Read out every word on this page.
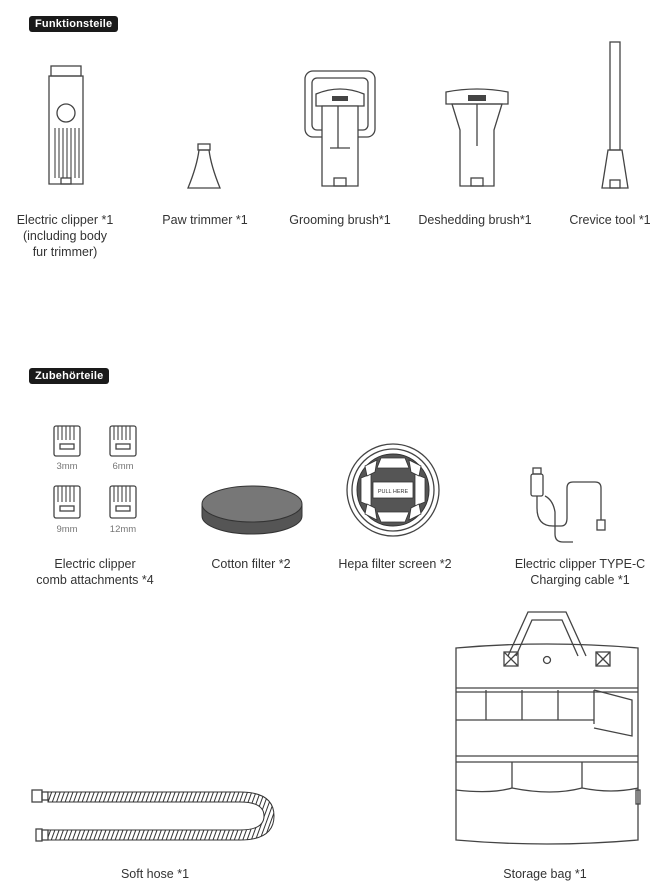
Funktionsteile
Zubehörteile
Electric clipper *1
(including body
fur trimmer)
Paw trimmer *1	Grooming brush*1	Deshedding brush*1	Crevice tool *1
3mm	6mm
9mm	12mm
Electric clipper
comb attachments *4
Cotton filter *2
PULL HERE
Hepa filter screen *2	Electric clipper TYPE-C
Charging cable *1
Soft hose *1	Storage bag *1
